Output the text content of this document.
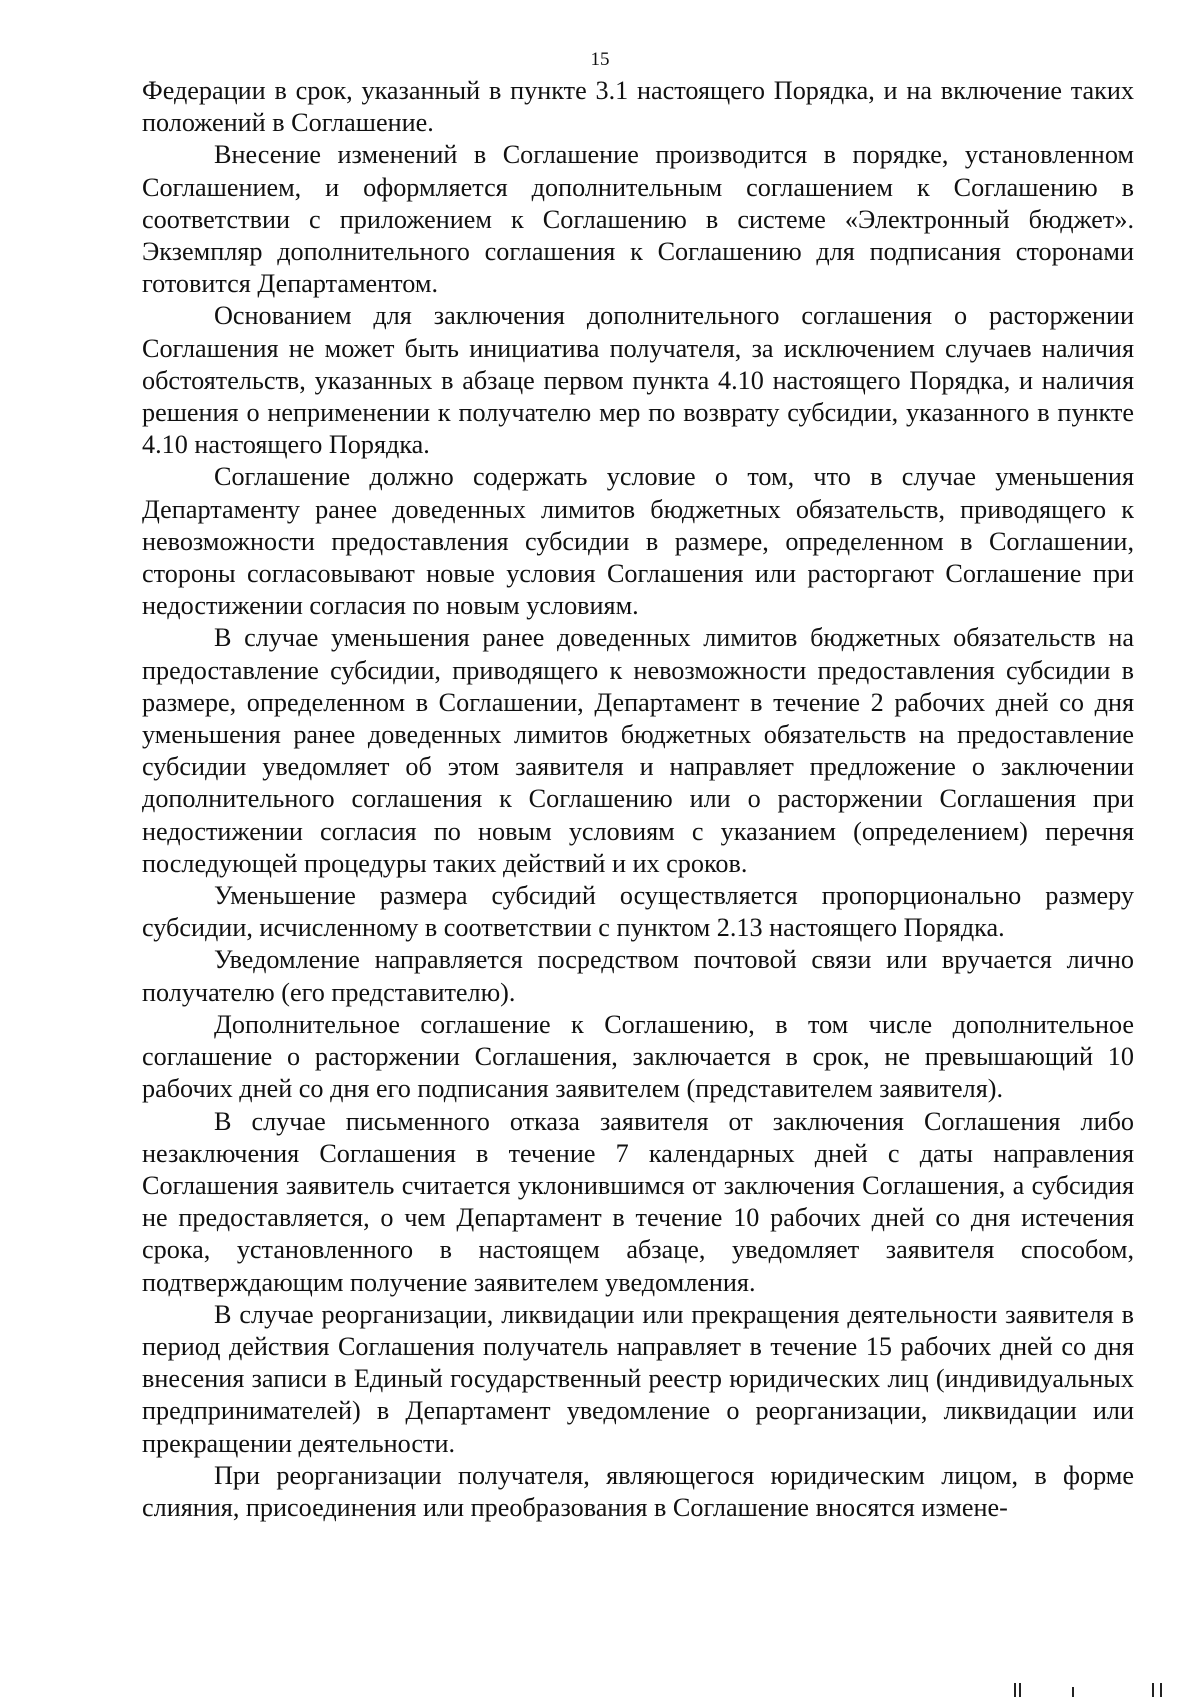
15

Федерации в срок, указанный в пункте 3.1 настоящего Порядка, и на включение таких положений в Соглашение.

Внесение изменений в Соглашение производится в порядке, установленном Соглашением, и оформляется дополнительным соглашением к Соглашению в соответствии с приложением к Соглашению в системе «Электронный бюджет». Экземпляр дополнительного соглашения к Соглашению для подписания сторонами готовится Департаментом.

Основанием для заключения дополнительного соглашения о расторжении Соглашения не может быть инициатива получателя, за исключением случаев наличия обстоятельств, указанных в абзаце первом пункта 4.10 настоящего Порядка, и наличия решения о неприменении к получателю мер по возврату субсидии, указанного в пункте 4.10 настоящего Порядка.

Соглашение должно содержать условие о том, что в случае уменьшения Департаменту ранее доведенных лимитов бюджетных обязательств, приводящего к невозможности предоставления субсидии в размере, определенном в Соглашении, стороны согласовывают новые условия Соглашения или расторгают Соглашение при недостижении согласия по новым условиям.

В случае уменьшения ранее доведенных лимитов бюджетных обязательств на предоставление субсидии, приводящего к невозможности предоставления субсидии в размере, определенном в Соглашении, Департамент в течение 2 рабочих дней со дня уменьшения ранее доведенных лимитов бюджетных обязательств на предоставление субсидии уведомляет об этом заявителя и направляет предложение о заключении дополнительного соглашения к Соглашению или о расторжении Соглашения при недостижении согласия по новым условиям с указанием (определением) перечня последующей процедуры таких действий и их сроков.

Уменьшение размера субсидий осуществляется пропорционально размеру субсидии, исчисленному в соответствии с пунктом 2.13 настоящего Порядка.

Уведомление направляется посредством почтовой связи или вручается лично получателю (его представителю).

Дополнительное соглашение к Соглашению, в том числе дополнительное соглашение о расторжении Соглашения, заключается в срок, не превышающий 10 рабочих дней со дня его подписания заявителем (представителем заявителя).

В случае письменного отказа заявителя от заключения Соглашения либо незаключения Соглашения в течение 7 календарных дней с даты направления Соглашения заявитель считается уклонившимся от заключения Соглашения, а субсидия не предоставляется, о чем Департамент в течение 10 рабочих дней со дня истечения срока, установленного в настоящем абзаце, уведомляет заявителя способом, подтверждающим получение заявителем уведомления.

В случае реорганизации, ликвидации или прекращения деятельности заявителя в период действия Соглашения получатель направляет в течение 15 рабочих дней со дня внесения записи в Единый государственный реестр юридических лиц (индивидуальных предпринимателей) в Департамент уведомление о реорганизации, ликвидации или прекращении деятельности.

При реорганизации получателя, являющегося юридическим лицом, в форме слияния, присоединения или преобразования в Соглашение вносятся измене-
